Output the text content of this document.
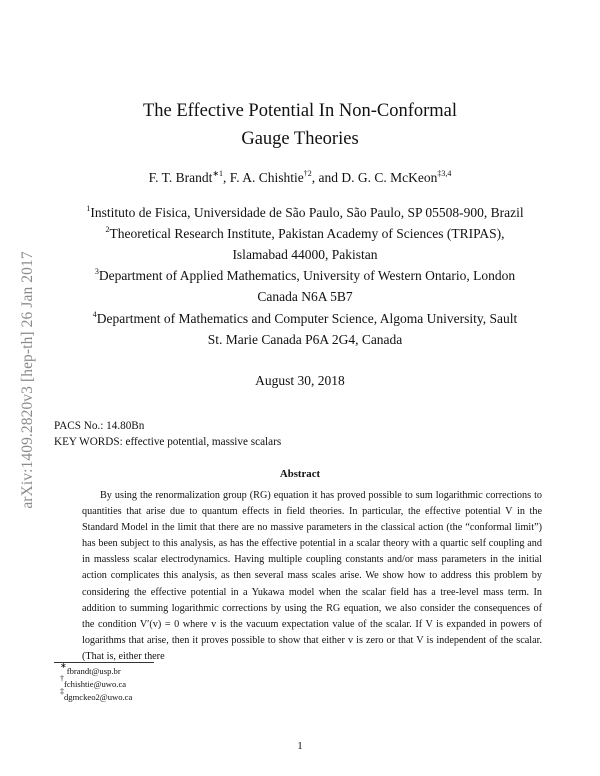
arXiv:1409.2820v3 [hep-th] 26 Jan 2017
The Effective Potential In Non-Conformal
Gauge Theories
F. T. Brandt$^{∗1}$, F. A. Chishtie$^{\dagger 2}$, and D. G. C. McKeon$^{\ddagger 3,4}$
$^1$Instituto de Fisica, Universidade de São Paulo, São Paulo, SP 05508-900, Brazil
$^2$Theoretical Research Institute, Pakistan Academy of Sciences (TRIPAS),
Islamabad 44000, Pakistan
$^3$Department of Applied Mathematics, University of Western Ontario, London
Canada N6A 5B7
$^4$Department of Mathematics and Computer Science, Algoma University, Sault
St. Marie Canada P6A 2G4, Canada
August 30, 2018
PACS No.: 14.80Bn
KEY WORDS: effective potential, massive scalars
Abstract

By using the renormalization group (RG) equation it has proved possible to sum logarithmic corrections to quantities that arise due to quantum effects in field theories. In particular, the effective potential V in the Standard Model in the limit that there are no massive parameters in the classical action (the “conformal limit”) has been subject to this analysis, as has the effective potential in a scalar theory with a quartic self coupling and in massless scalar electrodynamics. Having multiple coupling constants and/or mass parameters in the initial action complicates this analysis, as then several mass scales arise. We show how to address this problem by considering the effective potential in a Yukawa model when the scalar field has a tree-level mass term. In addition to summing logarithmic corrections by using the RG equation, we also consider the consequences of the condition V′(v) = 0 where v is the vacuum expectation value of the scalar. If V is expanded in powers of logarithms that arise, then it proves possible to show that either v is zero or that V is independent of the scalar. (That is, either there

∗fbrandt@usp.br
†fchishtie@uwo.ca
‡dgmckeo2@uwo.ca
1
